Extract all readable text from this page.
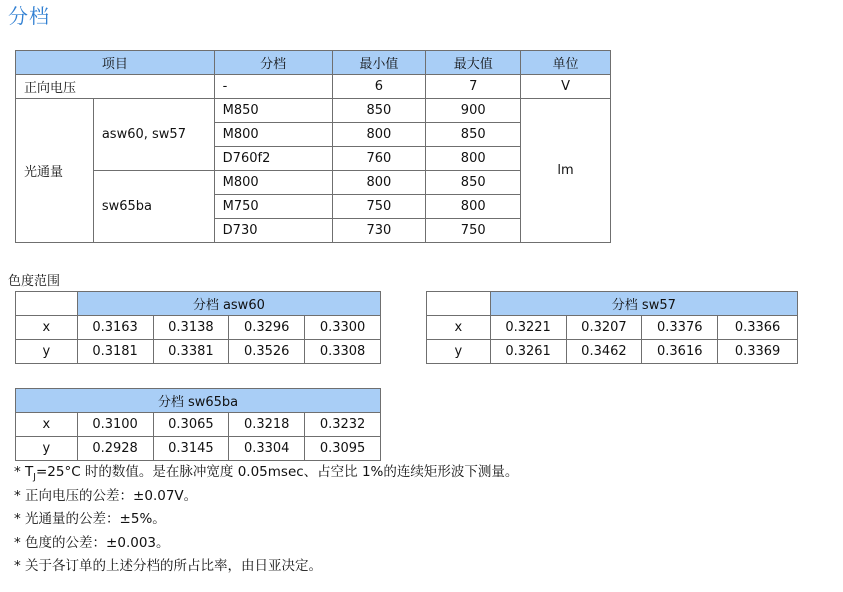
分档
项目		分档	最小值	最大值	单位
正向电压		-	6	7	V
光通量	asw60, sw57	M850	850	900	lm
		M800	800	850	
		D760f2	760	800	
	sw65ba	M800	800	850	
		M750	750	800	
		D730	730	750	
色度范围
	分档 asw60			
x	0.3163	0.3138	0.3296	0.3300
y	0.3181	0.3381	0.3526	0.3308
	分档 sw57			
x	0.3221	0.3207	0.3376	0.3366
y	0.3261	0.3462	0.3616	0.3369
分档 sw65ba				
x	0.3100	0.3065	0.3218	0.3232
y	0.2928	0.3145	0.3304	0.3095
* $T_J=25^\circ C$ 时的数值。是在脉冲宽度 0.05msec、占空比 1%的连续矩形波下测量。
* 正向电压的公差：±0.07V。
* 光通量的公差：±5%。
* 色度的公差：±0.003。
* 关于各订单的上述分档的所占比率，由日亚决定。
